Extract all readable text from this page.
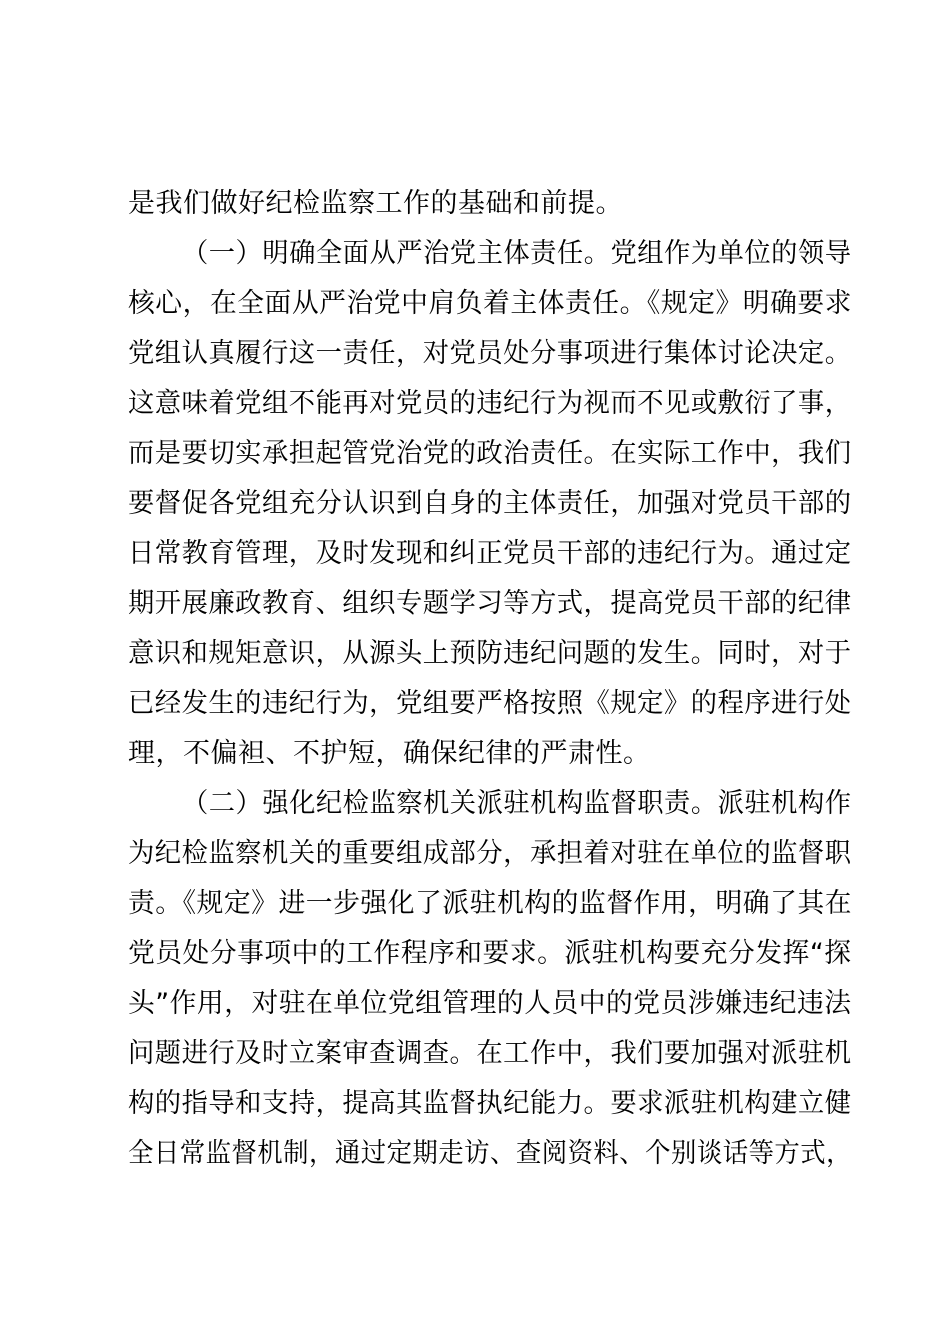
是我们做好纪检监察工作的基础和前提。
（一）明确全面从严治党主体责任。党组作为单位的领导
核心，在全面从严治党中肩负着主体责任。《规定》明确要求
党组认真履行这一责任，对党员处分事项进行集体讨论决定。
这意味着党组不能再对党员的违纪行为视而不见或敷衍了事，
而是要切实承担起管党治党的政治责任。在实际工作中，我们
要督促各党组充分认识到自身的主体责任，加强对党员干部的
日常教育管理，及时发现和纠正党员干部的违纪行为。通过定
期开展廉政教育、组织专题学习等方式，提高党员干部的纪律
意识和规矩意识，从源头上预防违纪问题的发生。同时，对于
已经发生的违纪行为，党组要严格按照《规定》的程序进行处
理，不偏袒、不护短，确保纪律的严肃性。
（二）强化纪检监察机关派驻机构监督职责。派驻机构作
为纪检监察机关的重要组成部分，承担着对驻在单位的监督职
责。《规定》进一步强化了派驻机构的监督作用，明确了其在
党员处分事项中的工作程序和要求。派驻机构要充分发挥“探
头”作用，对驻在单位党组管理的人员中的党员涉嫌违纪违法
问题进行及时立案审查调查。在工作中，我们要加强对派驻机
构的指导和支持，提高其监督执纪能力。要求派驻机构建立健
全日常监督机制，通过定期走访、查阅资料、个别谈话等方式，
